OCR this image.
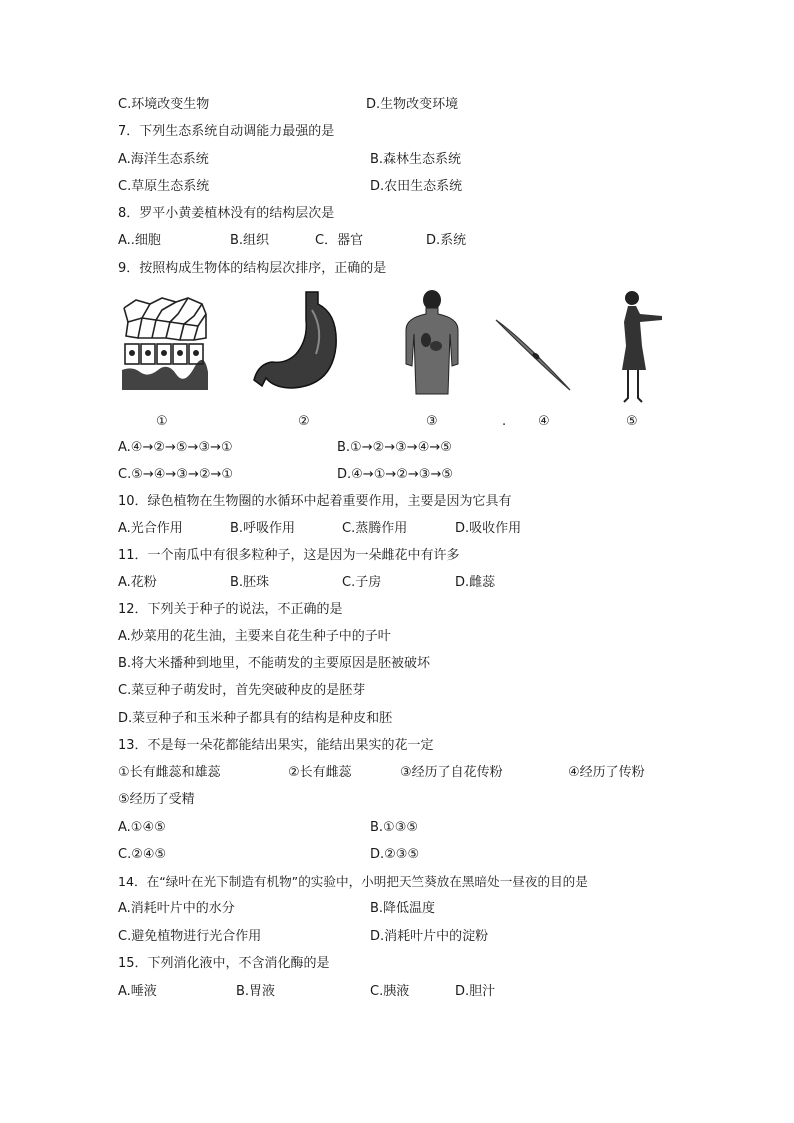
C.环境改变生物	D.生物改变环境
7．下列生态系统自动调能力最强的是
A.海洋生态系统	B.森林生态系统
C.草原生态系统	D.农田生态系统
8．罗平小黄姜植林没有的结构层次是
A..细胞	B.组织	C．器官	D.系统
9．按照构成生物体的结构层次排序，正确的是
①	②	③	. ④	⑤
A.④→②→⑤→③→①	B.①→②→③→④→⑤
C.⑤→④→③→②→①	D.④→①→②→③→⑤
10．绿色植物在生物圈的水循环中起着重要作用，主要是因为它具有
A.光合作用	B.呼吸作用	C.蒸腾作用	D.吸收作用
11．一个南瓜中有很多粒种子，这是因为一朵雌花中有许多
A.花粉	B.胚珠	C.子房	D.雌蕊
12．下列关于种子的说法，不正确的是
A.炒菜用的花生油，主要来自花生种子中的子叶
B.将大米播种到地里，不能萌发的主要原因是胚被破坏
C.菜豆种子萌发时，首先突破种皮的是胚芽
D.菜豆种子和玉米种子都具有的结构是种皮和胚
13．不是每一朵花都能结出果实，能结出果实的花一定
①长有雌蕊和雄蕊	②长有雌蕊	③经历了自花传粉	④经历了传粉
⑤经历了受精
A.①④⑤	B.①③⑤
C.②④⑤	D.②③⑤
14．在“绿叶在光下制造有机物”的实验中，小明把天竺葵放在黑暗处一昼夜的目的是
A.消耗叶片中的水分	B.降低温度
C.避免植物进行光合作用	D.消耗叶片中的淀粉
15．下列消化液中，不含消化酶的是
A.唾液	B.胃液	C.胰液	D.胆汁
